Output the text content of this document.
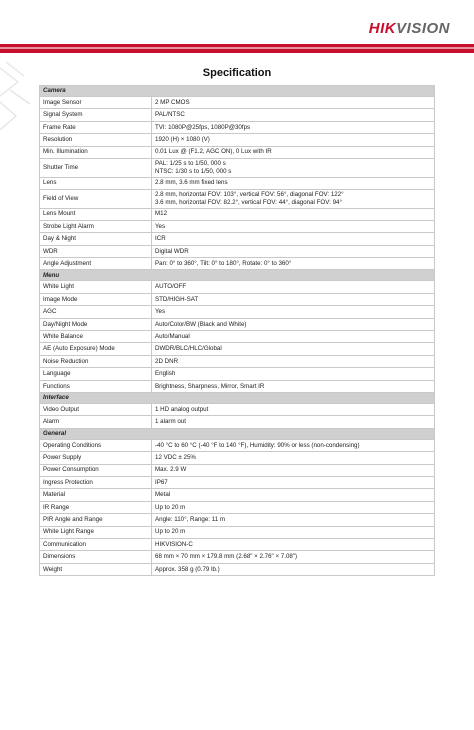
HIKVISION
Specification
Camera	
Image Sensor	2 MP CMOS

Signal System	PAL/NTSC

Frame Rate	TVI: 1080P@25fps, 1080P@30fps

Resolution	1920 (H) × 1080 (V)

Min. Illumination	0.01 Lux @ (F1.2, AGC ON), 0 Lux with IR

Shutter Time	PAL: 1/25 s to 1/50, 000 s
NTSC: 1/30 s to 1/50, 000 s

Lens	2.8 mm, 3.6 mm fixed lens

Field of View	2.8 mm, horizontal FOV: 103°, vertical FOV: 56°, diagonal FOV: 122°
3.6 mm, horizontal FOV: 82.2°, vertical FOV: 44°, diagonal FOV: 94°

Lens Mount	M12

Strobe Light Alarm	Yes

Day & Night	ICR

WDR	Digital WDR

Angle Adjustment	Pan: 0° to 360°, Tilt: 0° to 180°, Rotate: 0° to 360°

Menu	
White Light	AUTO/OFF

Image Mode	STD/HIGH-SAT

AGC	Yes

Day/Night Mode	Auto/Color/BW (Black and White)

White Balance	Auto/Manual

AE (Auto Exposure) Mode	DWDR/BLC/HLC/Global

Noise Reduction	2D DNR

Language	English

Functions	Brightness, Sharpness, Mirror, Smart IR

Interface	
Video Output	1 HD analog output

Alarm	1 alarm out

General	
Operating Conditions	-40 °C to 60 °C (-40 °F to 140 °F), Humidity: 90% or less (non-condensing)

Power Supply	12 VDC ± 25%

Power Consumption	Max. 2.9 W

Ingress Protection	IP67

Material	Metal

IR Range	Up to 20 m

PIR Angle and Range	Angle: 110°, Range: 11 m

White Light Range	Up to 20 m

Communication	HIKVISION-C

Dimensions	68 mm × 70 mm × 179.8 mm (2.68" × 2.76" × 7.08")

Weight	Approx. 358 g (0.79 lb.)
